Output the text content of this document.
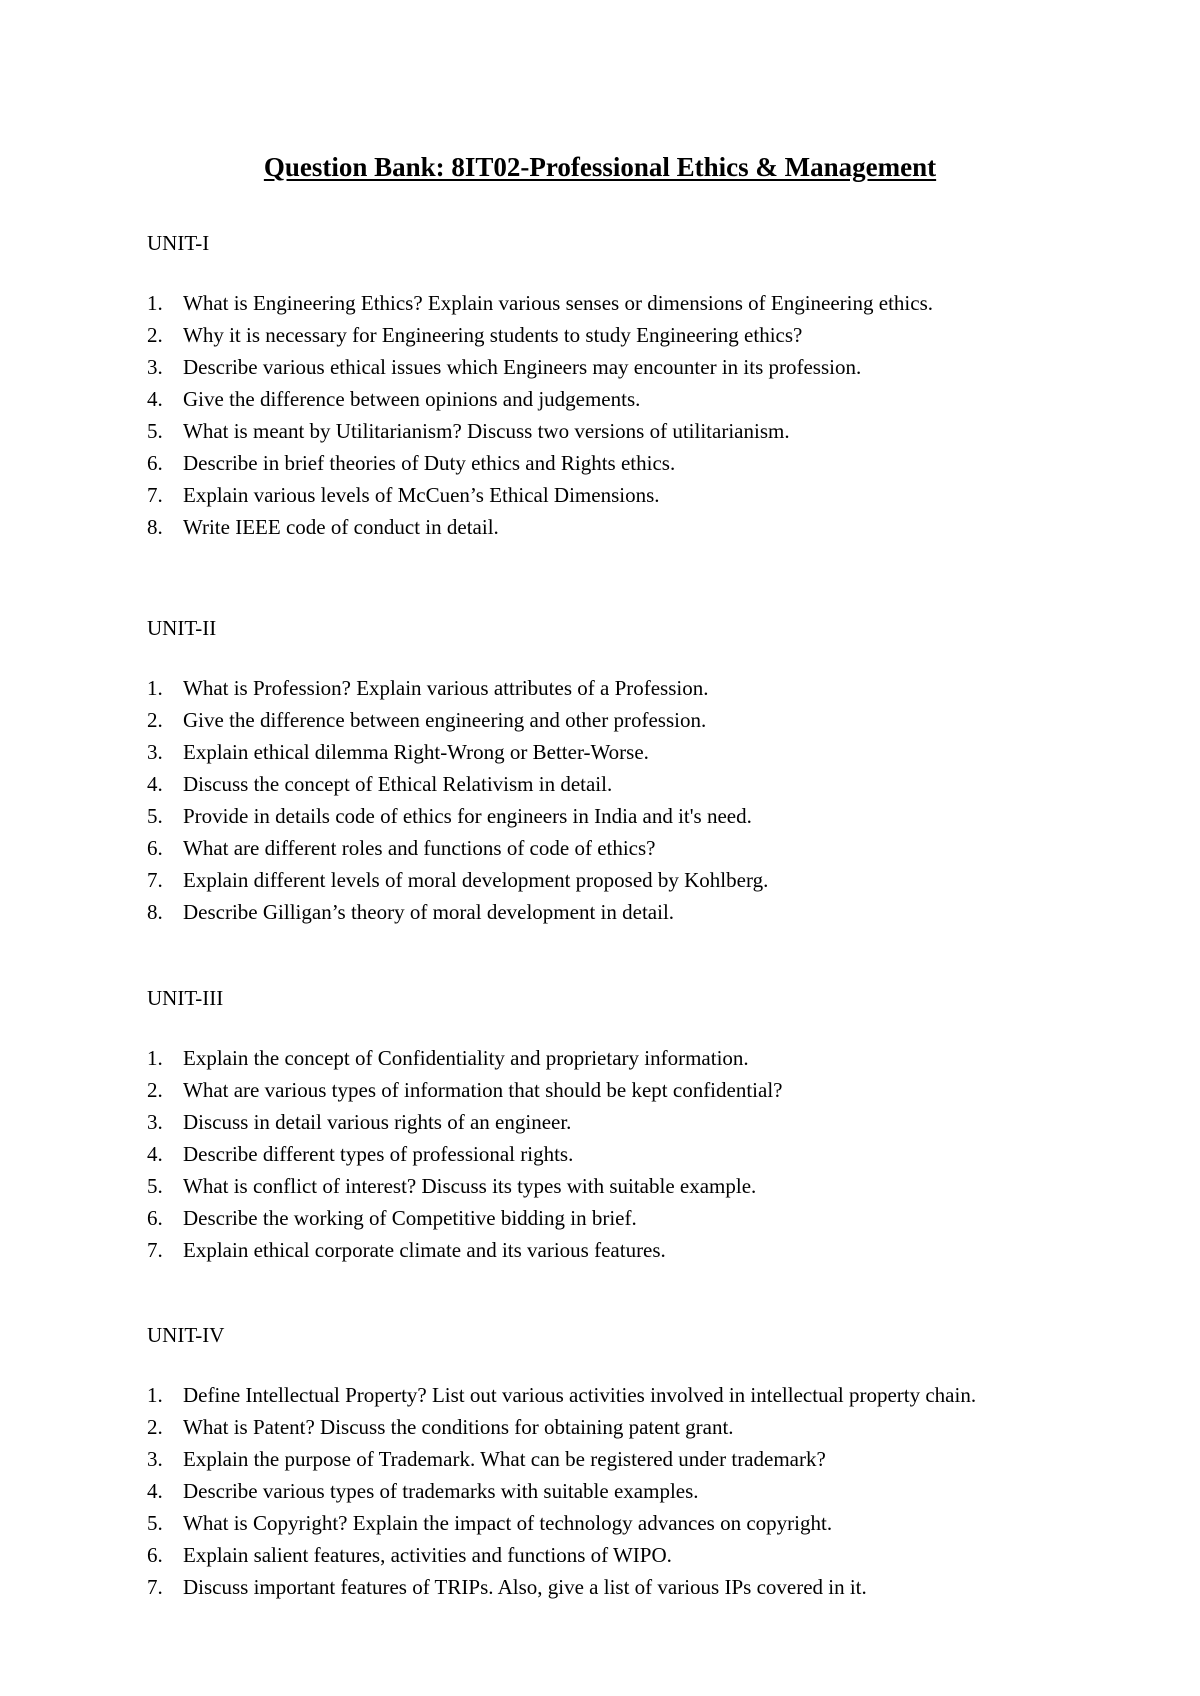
Question Bank: 8IT02-Professional Ethics & Management
UNIT-I
1. What is Engineering Ethics? Explain various senses or dimensions of Engineering ethics.
2. Why it is necessary for Engineering students to study Engineering ethics?
3. Describe various ethical issues which Engineers may encounter in its profession.
4. Give the difference between opinions and judgements.
5. What is meant by Utilitarianism? Discuss two versions of utilitarianism.
6. Describe in brief theories of Duty ethics and Rights ethics.
7. Explain various levels of McCuen’s Ethical Dimensions.
8. Write IEEE code of conduct in detail.
UNIT-II
1. What is Profession? Explain various attributes of a Profession.
2. Give the difference between engineering and other profession.
3. Explain ethical dilemma Right-Wrong or Better-Worse.
4. Discuss the concept of Ethical Relativism in detail.
5. Provide in details code of ethics for engineers in India and it's need.
6. What are different roles and functions of code of ethics?
7. Explain different levels of moral development proposed by Kohlberg.
8. Describe Gilligan’s theory of moral development in detail.
UNIT-III
1. Explain the concept of Confidentiality and proprietary information.
2. What are various types of information that should be kept confidential?
3. Discuss in detail various rights of an engineer.
4. Describe different types of professional rights.
5. What is conflict of interest? Discuss its types with suitable example.
6. Describe the working of Competitive bidding in brief.
7. Explain ethical corporate climate and its various features.
UNIT-IV
1. Define Intellectual Property? List out various activities involved in intellectual property chain.
2. What is Patent? Discuss the conditions for obtaining patent grant.
3. Explain the purpose of Trademark. What can be registered under trademark?
4. Describe various types of trademarks with suitable examples.
5. What is Copyright? Explain the impact of technology advances on copyright.
6. Explain salient features, activities and functions of WIPO.
7. Discuss important features of TRIPs. Also, give a list of various IPs covered in it.
